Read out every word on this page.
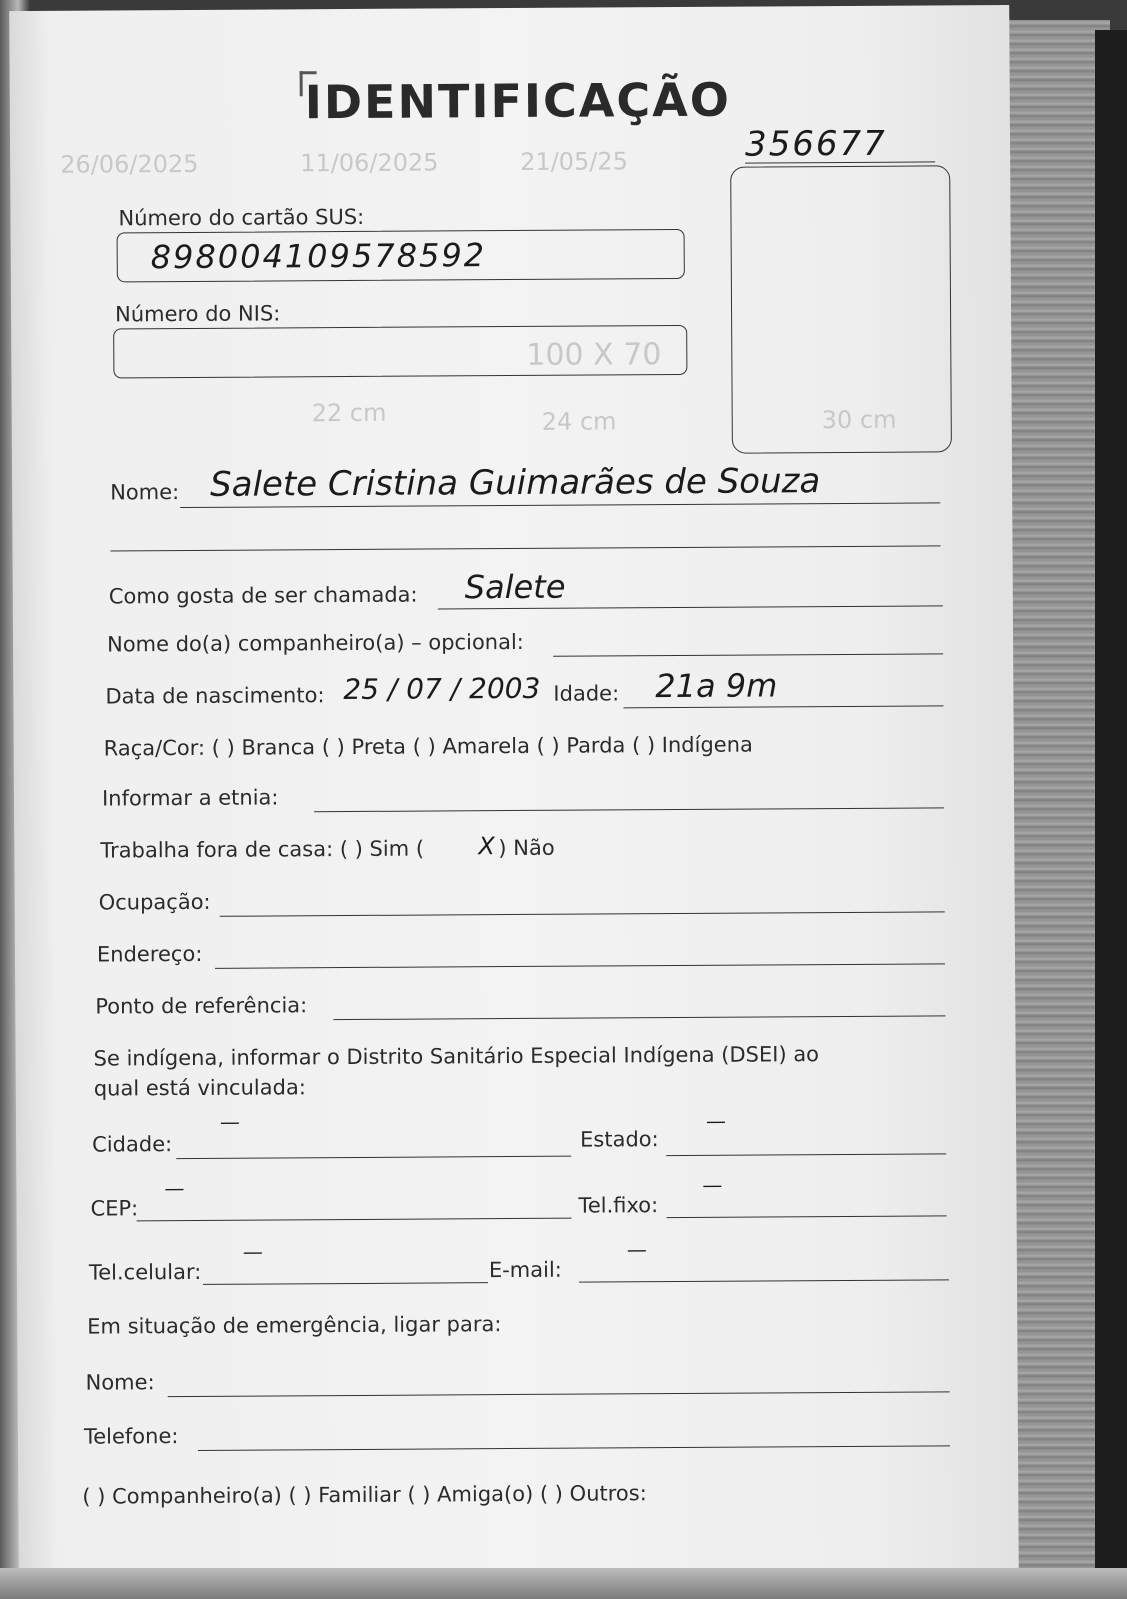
26/06/2025	11/06/2025	21/05/25
100 X 70
30 cm
22 cm	24 cm
IDENTIFICAÇÃO
356677
Número do cartão SUS:
898004109578592
Número do NIS:
Nome: Salete Cristina Guimarães de Souza
Como gosta de ser chamada: Salete
Nome do(a) companheiro(a) – opcional:
Data de nascimento: 25 / 07 / 2003 Idade: 21a 9m
Raça/Cor: ( ) Branca ( ) Preta ( ) Amarela ( ) Parda ( ) Indígena
Informar a etnia:
Trabalha fora de casa: ( ) Sim ( X ) Não
Ocupação:
Endereço:
Ponto de referência:
Se indígena, informar o Distrito Sanitário Especial Indígena (DSEI) ao
qual está vinculada:
Cidade:
—
Estado:
—
CEP:
—
Tel.fixo:
—
Tel.celular:
—
E-mail:
—
Em situação de emergência, ligar para:
Nome:
Telefone:
( ) Companheiro(a) ( ) Familiar ( ) Amiga(o) ( ) Outros:
